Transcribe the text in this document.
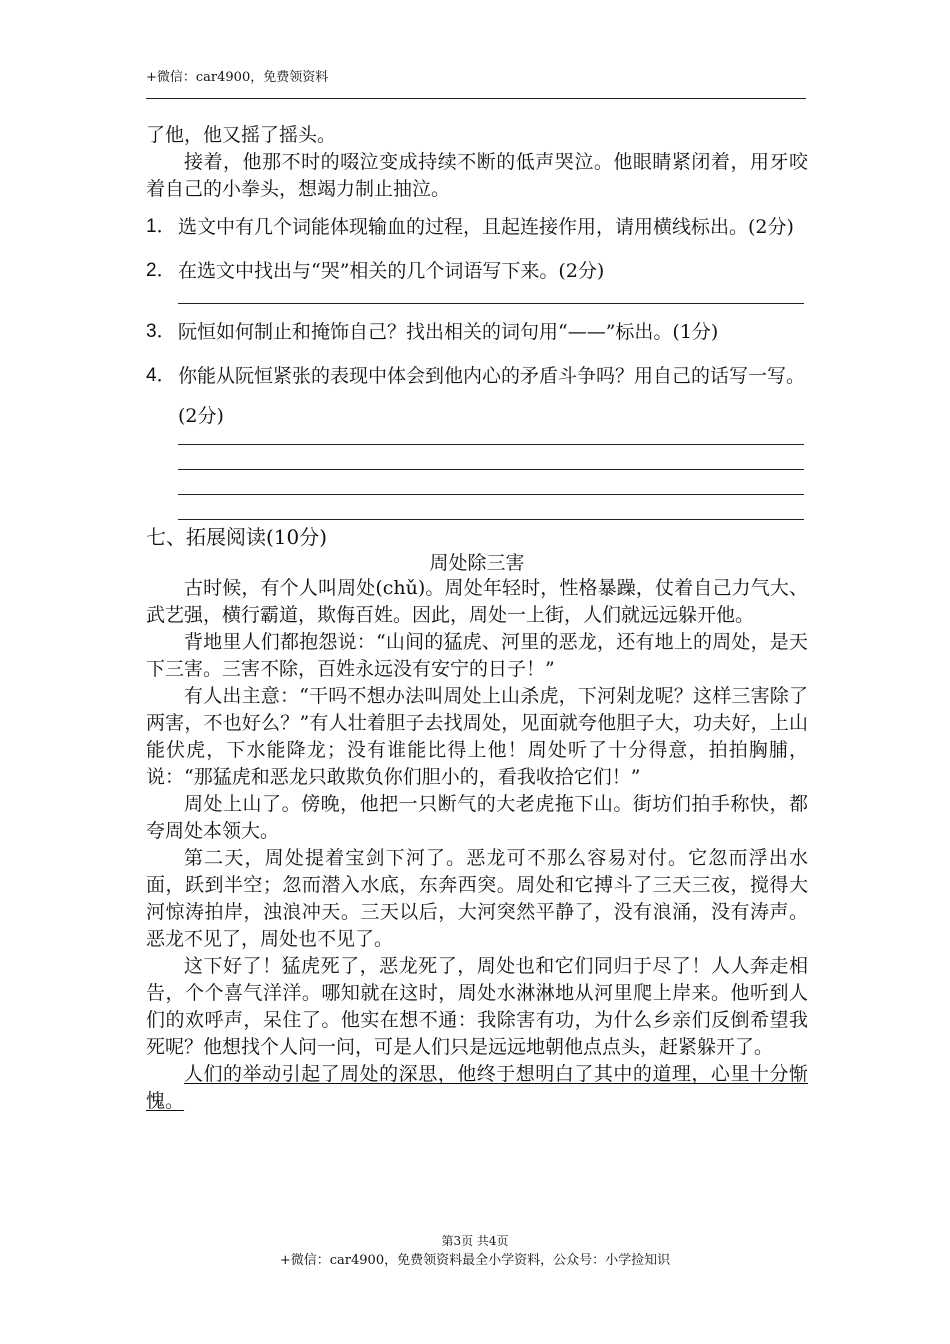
+微信：car4900，免费领资料

了他，他又摇了摇头。

接着，他那不时的啜泣变成持续不断的低声哭泣。他眼睛紧闭着，用牙咬着自己的小拳头，想竭力制止抽泣。

1． 选文中有几个词能体现输血的过程，且起连接作用，请用横线标出。(2分)
2． 在选文中找出与“哭”相关的几个词语写下来。(2分)
3． 阮恒如何制止和掩饰自己？找出相关的词句用“——”标出。(1分)
4． 你能从阮恒紧张的表现中体会到他内心的矛盾斗争吗？用自己的话写一写。(2分)
七、拓展阅读(10分)
周处除三害

古时候，有个人叫周处(chǔ)。周处年轻时，性格暴躁，仗着自己力气大、武艺强，横行霸道，欺侮百姓。因此，周处一上街，人们就远远躲开他。

背地里人们都抱怨说：“山间的猛虎、河里的恶龙，还有地上的周处，是天下三害。三害不除，百姓永远没有安宁的日子！”

有人出主意：“干吗不想办法叫周处上山杀虎，下河剁龙呢？这样三害除了两害，不也好么？”有人壮着胆子去找周处，见面就夸他胆子大，功夫好，上山能伏虎，下水能降龙；没有谁能比得上他！周处听了十分得意，拍拍胸脯，说：“那猛虎和恶龙只敢欺负你们胆小的，看我收拾它们！”

周处上山了。傍晚，他把一只断气的大老虎拖下山。街坊们拍手称快，都夸周处本领大。

第二天，周处提着宝剑下河了。恶龙可不那么容易对付。它忽而浮出水面，跃到半空；忽而潜入水底，东奔西突。周处和它搏斗了三天三夜，搅得大河惊涛拍岸，浊浪冲天。三天以后，大河突然平静了，没有浪涌，没有涛声。恶龙不见了，周处也不见了。

这下好了！猛虎死了，恶龙死了，周处也和它们同归于尽了！人人奔走相告，个个喜气洋洋。哪知就在这时，周处水淋淋地从河里爬上岸来。他听到人们的欢呼声，呆住了。他实在想不通：我除害有功，为什么乡亲们反倒希望我死呢？他想找个人问一问，可是人们只是远远地朝他点点头，赶紧躲开了。

人们的举动引起了周处的深思，他终于想明白了其中的道理，心里十分惭愧。

第3页 共4页
+微信：car4900，免费领资料最全小学资料，公众号：小学捡知识
